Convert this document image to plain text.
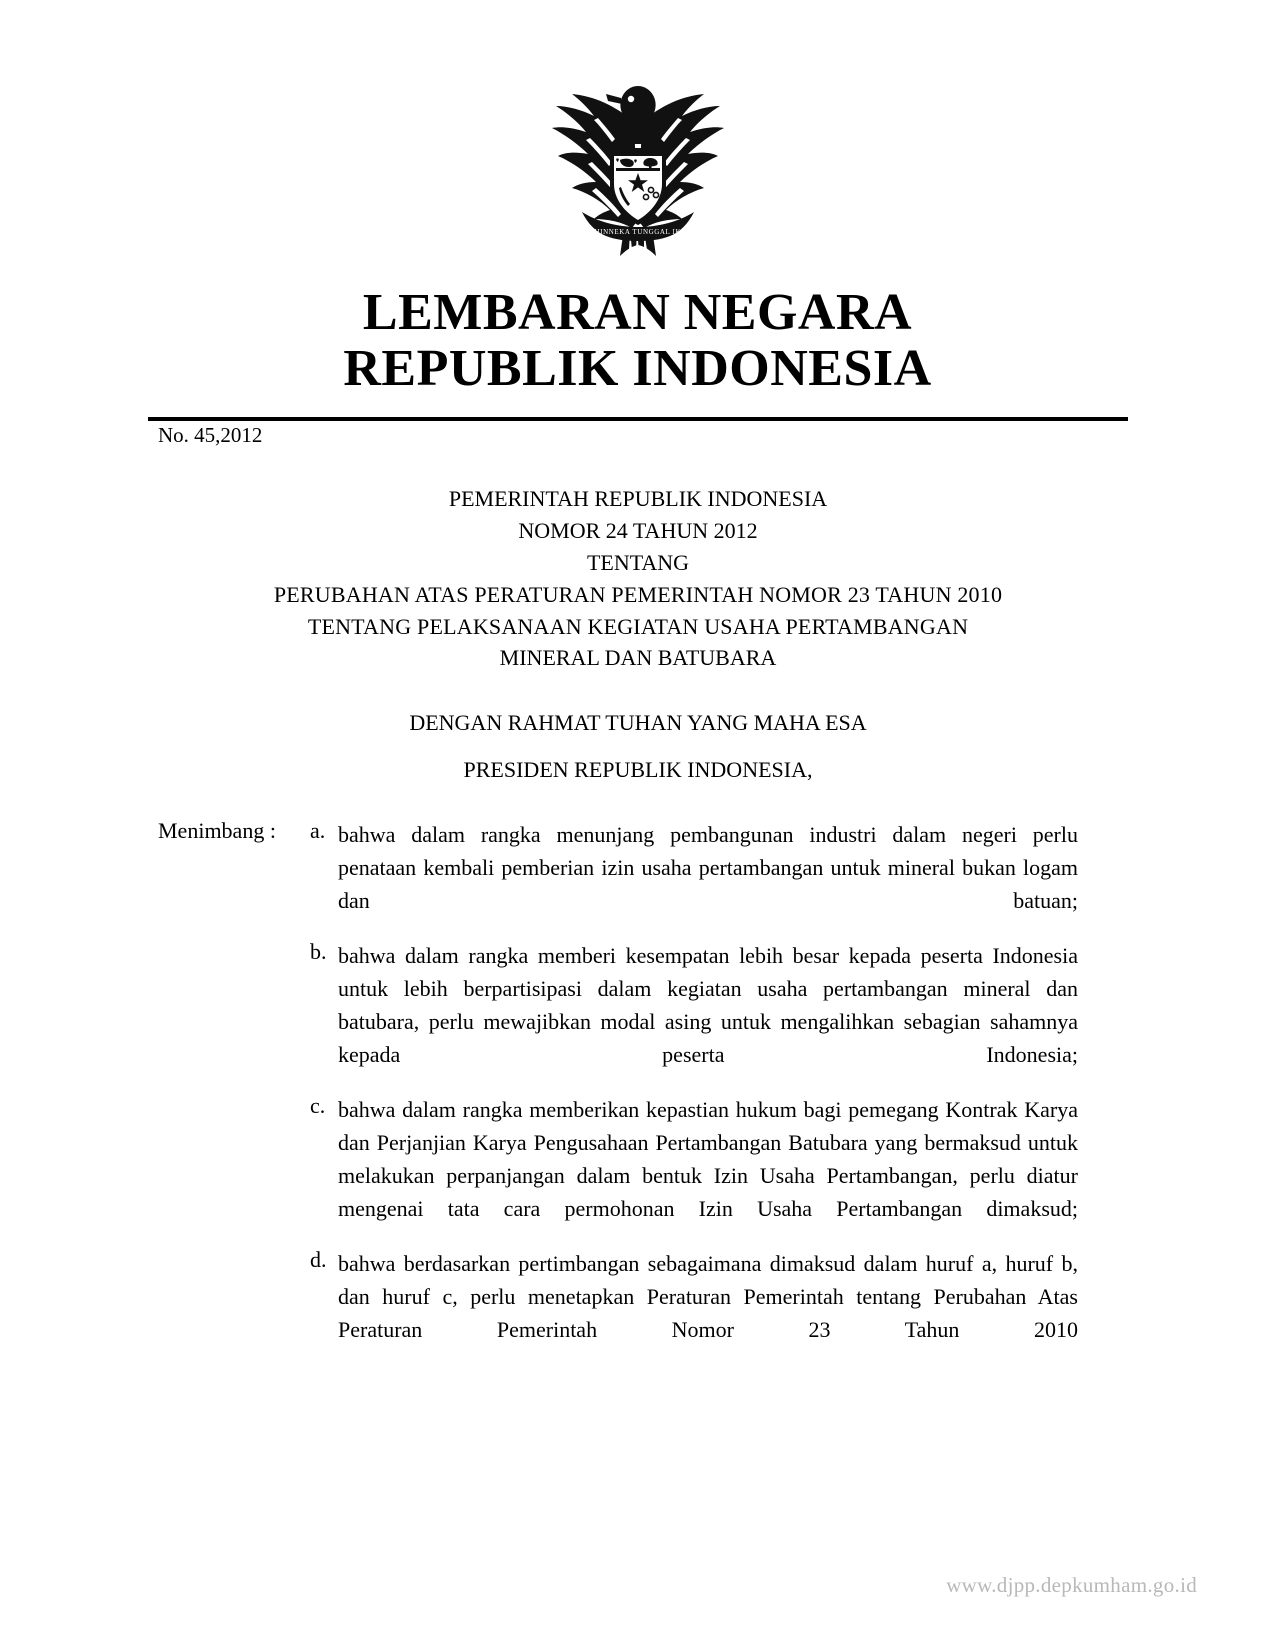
BHINNEKA TUNGGAL IKA
LEMBARAN NEGARA
REPUBLIK INDONESIA
No. 45,2012
PEMERINTAH REPUBLIK INDONESIA
NOMOR 24 TAHUN 2012
TENTANG
PERUBAHAN ATAS PERATURAN PEMERINTAH NOMOR 23 TAHUN 2010
TENTANG PELAKSANAAN KEGIATAN USAHA PERTAMBANGAN
MINERAL DAN BATUBARA
DENGAN RAHMAT TUHAN YANG MAHA ESA
PRESIDEN REPUBLIK INDONESIA,
Menimbang :	a. bahwa dalam rangka menunjang pembangunan industri dalam negeri perlu penataan kembali pemberian izin usaha pertambangan untuk mineral bukan logam dan batuan;
b. bahwa dalam rangka memberi kesempatan lebih besar kepada peserta Indonesia untuk lebih berpartisipasi dalam kegiatan usaha pertambangan mineral dan batubara, perlu mewajibkan modal asing untuk mengalihkan sebagian sahamnya kepada peserta Indonesia;
c. bahwa dalam rangka memberikan kepastian hukum bagi pemegang Kontrak Karya dan Perjanjian Karya Pengusahaan Pertambangan Batubara yang bermaksud untuk melakukan perpanjangan dalam bentuk Izin Usaha Pertambangan, perlu diatur mengenai tata cara permohonan Izin Usaha Pertambangan dimaksud;
d. bahwa berdasarkan pertimbangan sebagaimana dimaksud dalam huruf a, huruf b, dan huruf c, perlu menetapkan Peraturan Pemerintah tentang Perubahan Atas Peraturan Pemerintah Nomor 23 Tahun 2010
www.djpp.depkumham.go.id
